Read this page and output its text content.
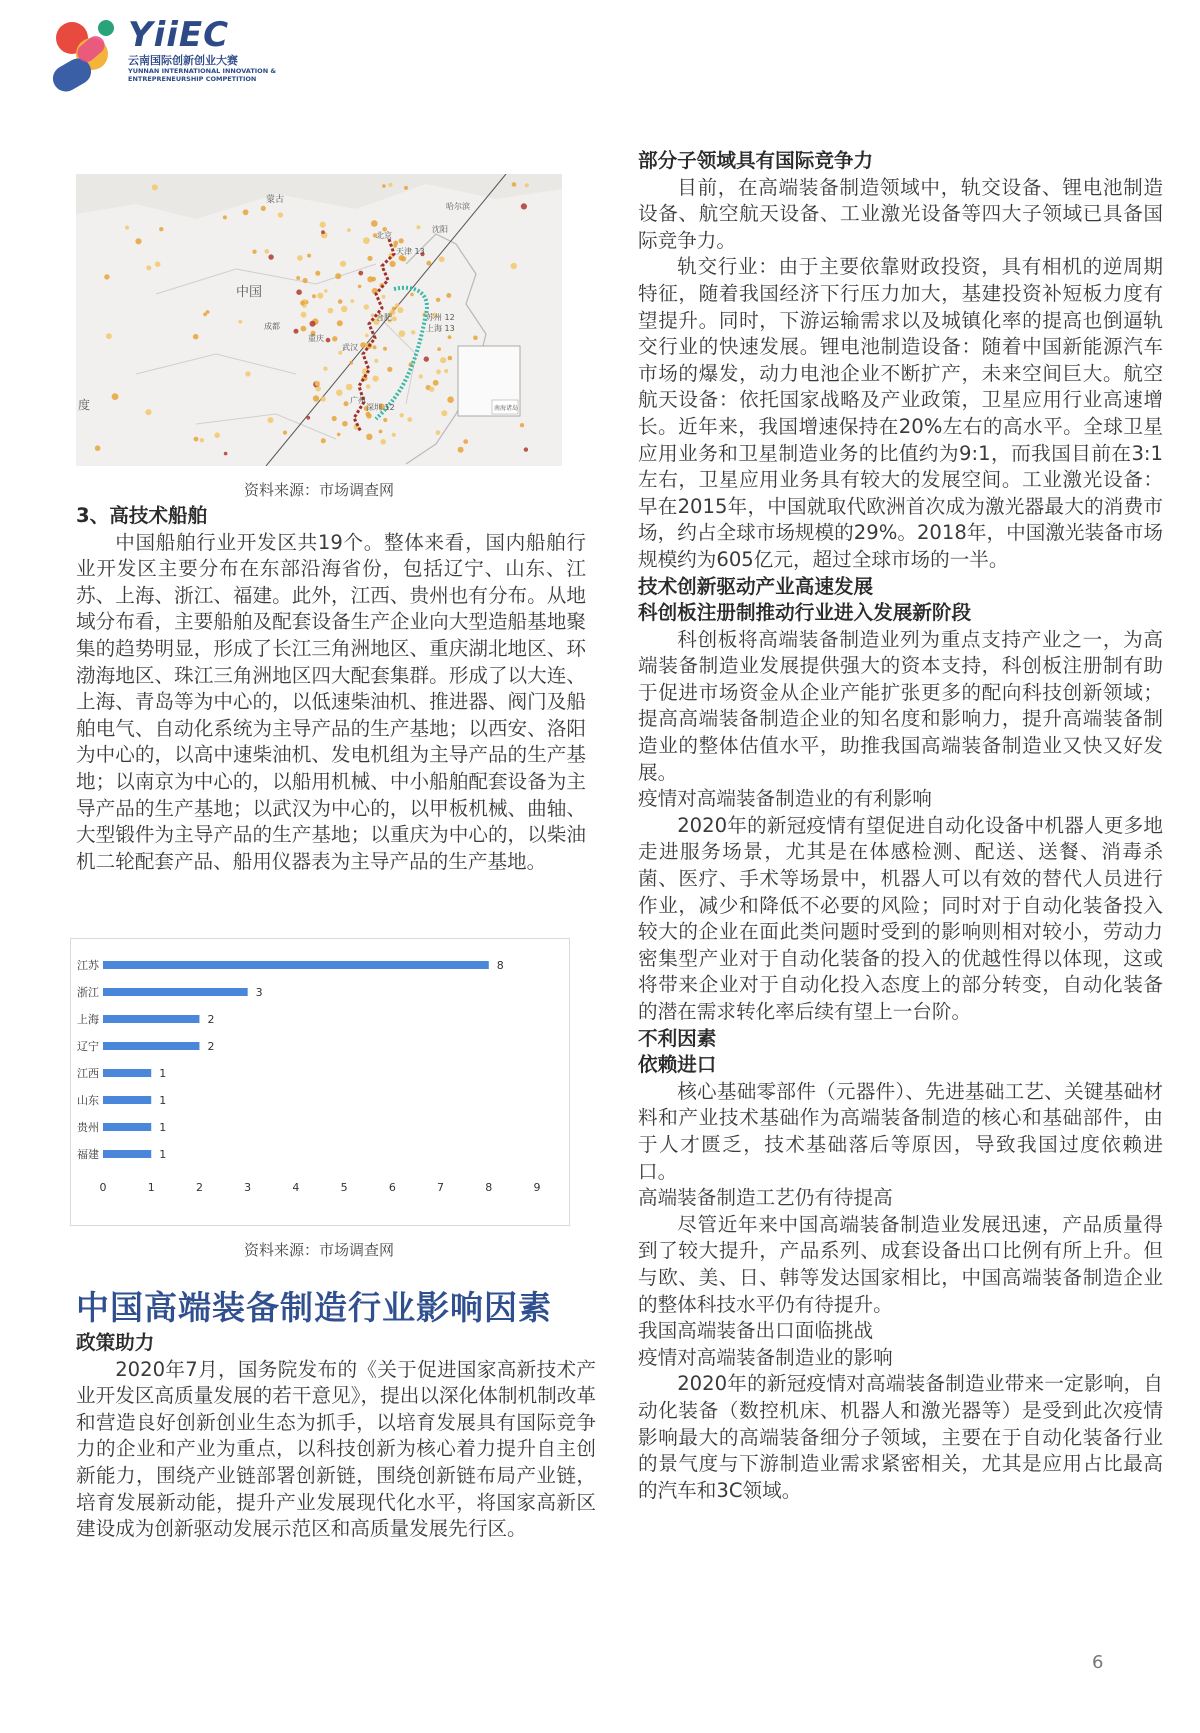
YiiEC
云南国际创新创业大赛
YUNNAN INTERNATIONAL INNOVATION & ENTREPRENEURSHIP COMPETITION
蒙古
中国
哈尔滨
北京
天津 13
沈阳
合肥	苏州 12
上海 13
重庆
成都
武汉
南海诸岛
深圳 12
广州
度
资料来源：市场调查网

3、高技术船舶

中国船舶行业开发区共19个。整体来看，国内船舶行业开发区主要分布在东部沿海省份，包括辽宁、山东、江苏、上海、浙江、福建。此外，江西、贵州也有分布。从地域分布看，主要船舶及配套设备生产企业向大型造船基地聚集的趋势明显，形成了长江三角洲地区、重庆湖北地区、环渤海地区、珠江三角洲地区四大配套集群。形成了以大连、上海、青岛等为中心的，以低速柴油机、推进器、阀门及船舶电气、自动化系统为主导产品的生产基地；以西安、洛阳为中心的，以高中速柴油机、发电机组为主导产品的生产基地；以南京为中心的，以船用机械、中小船舶配套设备为主导产品的生产基地；以武汉为中心的，以甲板机械、曲轴、大型锻件为主导产品的生产基地；以重庆为中心的，以柴油机二轮配套产品、船用仪器表为主导产品的生产基地。

江苏	8
浙江	3
上海	2
辽宁	2
江西	1
山东	1
贵州	1
福建	1
0	1	2	3	4	5	6	7	8	9
资料来源：市场调查网

中国高端装备制造行业影响因素

政策助力

2020年7月，国务院发布的《关于促进国家高新技术产业开发区高质量发展的若干意见》，提出以深化体制机制改革和营造良好创新创业生态为抓手，以培育发展具有国际竞争力的企业和产业为重点，以科技创新为核心着力提升自主创新能力，围绕产业链部署创新链，围绕创新链布局产业链，培育发展新动能，提升产业发展现代化水平，将国家高新区建设成为创新驱动发展示范区和高质量发展先行区。

部分子领域具有国际竞争力

目前，在高端装备制造领域中，轨交设备、锂电池制造设备、航空航天设备、工业激光设备等四大子领域已具备国际竞争力。

轨交行业：由于主要依靠财政投资，具有相机的逆周期特征，随着我国经济下行压力加大，基建投资补短板力度有望提升。同时，下游运输需求以及城镇化率的提高也倒逼轨交行业的快速发展。锂电池制造设备：随着中国新能源汽车市场的爆发，动力电池企业不断扩产，未来空间巨大。航空航天设备：依托国家战略及产业政策，卫星应用行业高速增长。近年来，我国增速保持在20%左右的高水平。全球卫星应用业务和卫星制造业务的比值约为9:1，而我国目前在3:1左右，卫星应用业务具有较大的发展空间。工业激光设备：早在2015年，中国就取代欧洲首次成为激光器最大的消费市场，约占全球市场规模的29%。2018年，中国激光装备市场规模约为605亿元，超过全球市场的一半。

技术创新驱动产业高速发展

科创板注册制推动行业进入发展新阶段

科创板将高端装备制造业列为重点支持产业之一，为高端装备制造业发展提供强大的资本支持，科创板注册制有助于促进市场资金从企业产能扩张更多的配向科技创新领域；提高高端装备制造企业的知名度和影响力，提升高端装备制造业的整体估值水平，助推我国高端装备制造业又快又好发展。

疫情对高端装备制造业的有利影响

2020年的新冠疫情有望促进自动化设备中机器人更多地走进服务场景，尤其是在体感检测、配送、送餐、消毒杀菌、医疗、手术等场景中，机器人可以有效的替代人员进行作业，减少和降低不必要的风险；同时对于自动化装备投入较大的企业在面此类问题时受到的影响则相对较小，劳动力密集型产业对于自动化装备的投入的优越性得以体现，这或将带来企业对于自动化投入态度上的部分转变，自动化装备的潜在需求转化率后续有望上一台阶。

不利因素

依赖进口

核心基础零部件（元器件）、先进基础工艺、关键基础材料和产业技术基础作为高端装备制造的核心和基础部件，由于人才匮乏，技术基础落后等原因，导致我国过度依赖进口。

高端装备制造工艺仍有待提高

尽管近年来中国高端装备制造业发展迅速，产品质量得到了较大提升，产品系列、成套设备出口比例有所上升。但与欧、美、日、韩等发达国家相比，中国高端装备制造企业的整体科技水平仍有待提升。

我国高端装备出口面临挑战

疫情对高端装备制造业的影响

2020年的新冠疫情对高端装备制造业带来一定影响，自动化装备（数控机床、机器人和激光器等）是受到此次疫情影响最大的高端装备细分子领域，主要在于自动化装备行业的景气度与下游制造业需求紧密相关，尤其是应用占比最高的汽车和3C领域。

6
